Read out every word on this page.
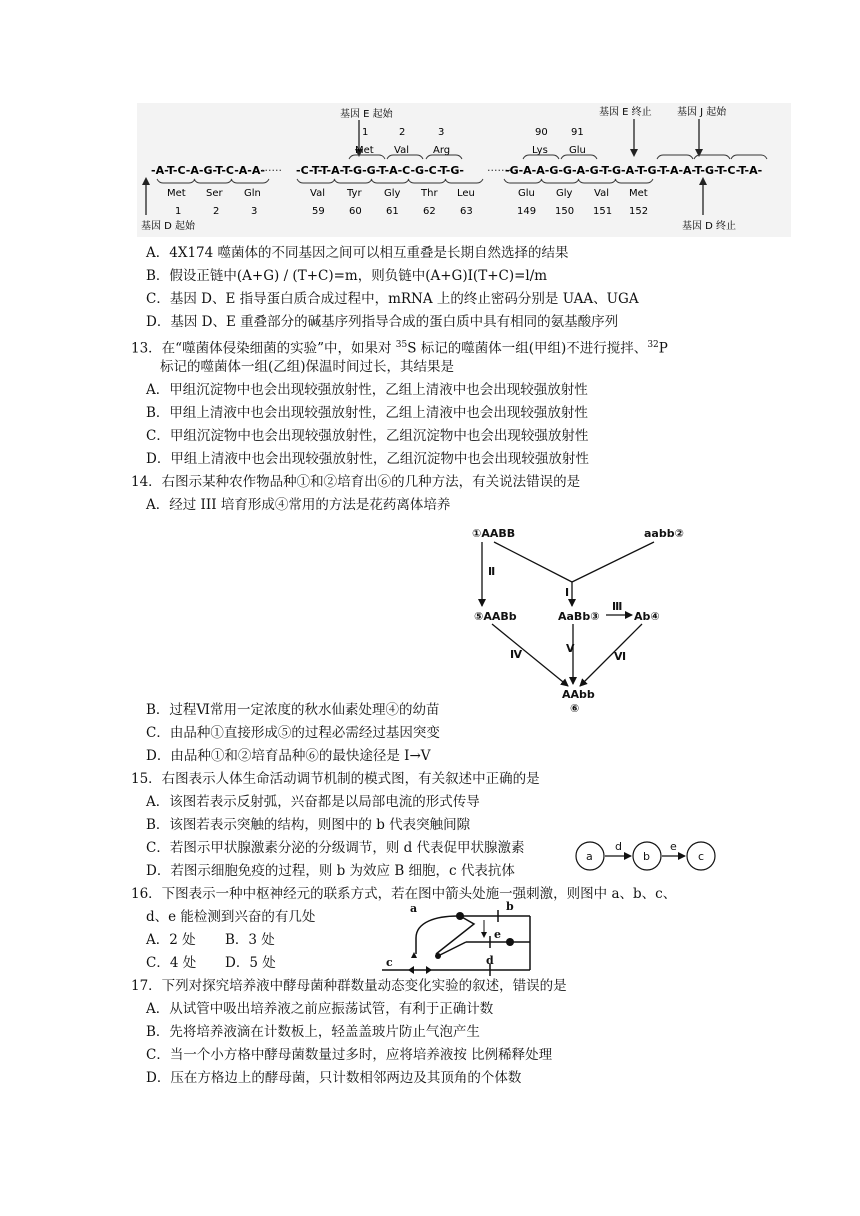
基因 E 起始	基因 E 终止	基因 J 起始
基因 D 起始	基因 D 终止
1	2	3	90 91
Met Val Arg	Lys Glu
-A-T-C-A-G-T-C-A-A-
······ -C-T-T-A-T-G-G-T-A-C-G-C-T-G- ·······
-G-A-A-G-G-A-G-T-G-A-T-G-T-A-A-T-G-T-C-T-A-
Met Ser Gln	Val Tyr Gly Thr Leu	Glu Gly Val Met
1	2	3	59 60 61 62 63	149 150 151 152
A．4X174 噬菌体的不同基因之间可以相互重叠是长期自然选择的结果
B．假设正链中(A+G) / (T+C)=m，则负链中(A+G)Ⅰ(T+C)=l/m
C．基因 D、E 指导蛋白质合成过程中，mRNA 上的终止密码分别是 UAA、UGA
D．基因 D、E 重叠部分的碱基序列指导合成的蛋白质中具有相同的氨基酸序列
13．在“噬菌体侵染细菌的实验”中，如果对 $^{35}$S 标记的噬菌体一组(甲组)不进行搅拌、$^{32}$P
标记的噬菌体一组(乙组)保温时间过长，其结果是
A．甲组沉淀物中也会出现较强放射性，乙组上清液中也会出现较强放射性
B．甲组上清液中也会出现较强放射性，乙组上清液中也会出现较强放射性
C．甲组沉淀物中也会出现较强放射性，乙组沉淀物中也会出现较强放射性
D．甲组上清液中也会出现较强放射性，乙组沉淀物中也会出现较强放射性
14．右图示某种农作物品种①和②培育出⑥的几种方法，有关说法错误的是
A．经过 III 培育形成④常用的方法是花药离体培养
①AABB	aabb②
⑤AABb	AaBb③	Ab④
AAbb
⑥
Ⅱ
Ⅰ
Ⅲ
Ⅳ	Ⅴ
Ⅵ
B．过程Ⅵ常用一定浓度的秋水仙素处理④的幼苗
C．由品种①直接形成⑤的过程必需经过基因突变
D．由品种①和②培育品种⑥的最快途径是 I→V
15．右图表示人体生命活动调节机制的模式图，有关叙述中正确的是
A．该图若表示反射弧，兴奋都是以局部电流的形式传导
B．该图若表示突触的结构，则图中的 b 代表突触间隙
C．若图示甲状腺激素分泌的分级调节，则 d 代表促甲状腺激素
D．若图示细胞免疫的过程，则 b 为效应 B 细胞，c 代表抗体
a	b	c
d	e
16．下图表示一种中枢神经元的联系方式，若在图中箭头处施一强刺激，则图中 a、b、c、
d、e 能检测到兴奋的有几处
A．2 处 B．3 处
C．4 处 D．5 处
a	b
e
c	d
17．下列对探究培养液中酵母菌种群数量动态变化实验的叙述，错误的是
A．从试管中吸出培养液之前应振荡试管，有利于正确计数
B．先将培养液滴在计数板上，轻盖盖玻片防止气泡产生
C．当一个小方格中酵母菌数量过多时，应将培养液按 比例稀释处理
D．压在方格边上的酵母菌，只计数相邻两边及其顶角的个体数
